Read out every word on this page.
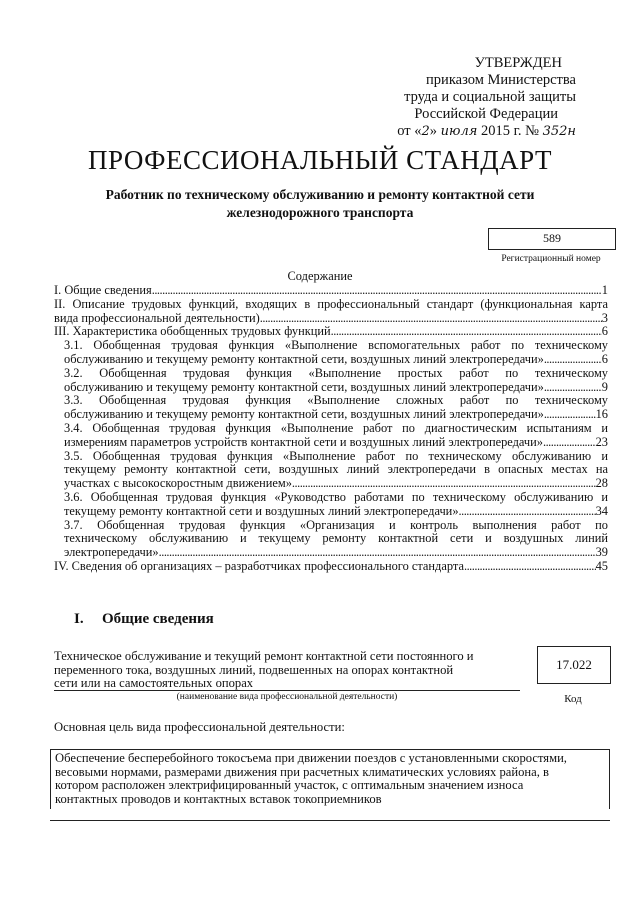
УТВЕРЖДЕН
приказом Министерства
труда и социальной защиты
Российской Федерации
от «2» июля 2015 г. № 352н
ПРОФЕССИОНАЛЬНЫЙ СТАНДАРТ
Работник по техническому обслуживанию и ремонту контактной сети
железнодорожного транспорта
589
Регистрационный номер
Содержание
I. Общие сведения .....	1
II. Описание трудовых функций, входящих в профессиональный стандарт (функциональная карта
вида профессиональной деятельности) .....	3
III. Характеристика обобщенных трудовых функций .....	6
3.1. Обобщенная трудовая функция «Выполнение вспомогательных работ по техническому
обслуживанию и текущему ремонту контактной сети, воздушных линий электропередачи» .....	6
3.2. Обобщенная трудовая функция «Выполнение простых работ по техническому
обслуживанию и текущему ремонту контактной сети, воздушных линий электропередачи» .....	9
3.3. Обобщенная трудовая функция «Выполнение сложных работ по техническому
обслуживанию и текущему ремонту контактной сети, воздушных линий электропередачи» .....	16
3.4. Обобщенная трудовая функция «Выполнение работ по диагностическим испытаниям и
измерениям параметров устройств контактной сети и воздушных линий электропередачи» .....	23
3.5. Обобщенная трудовая функция «Выполнение работ по техническому обслуживанию и
текущему ремонту контактной сети, воздушных линий электропередачи в опасных местах на
участках с высокоскоростным движением» .....	28
3.6. Обобщенная трудовая функция «Руководство работами по техническому обслуживанию и
текущему ремонту контактной сети и воздушных линий электропередачи» .....	34
3.7. Обобщенная трудовая функция «Организация и контроль выполнения работ по
техническому обслуживанию и текущему ремонту контактной сети и воздушных линий
электропередачи» .....	39
IV. Сведения об организациях – разработчиках профессионального стандарта .....	45
I. Общие сведения
Техническое обслуживание и текущий ремонт контактной сети постоянного и
переменного тока, воздушных линий, подвешенных на опорах контактной
сети или на самостоятельных опорах
(наименование вида профессиональной деятельности)
17.022
Код
Основная цель вида профессиональной деятельности:
Обеспечение бесперебойного токосъема при движении поездов с установленными скоростями,
весовыми нормами, размерами движения при расчетных климатических условиях района, в
котором расположен электрифицированный участок, с оптимальным значением износа
контактных проводов и контактных вставок токоприемников
